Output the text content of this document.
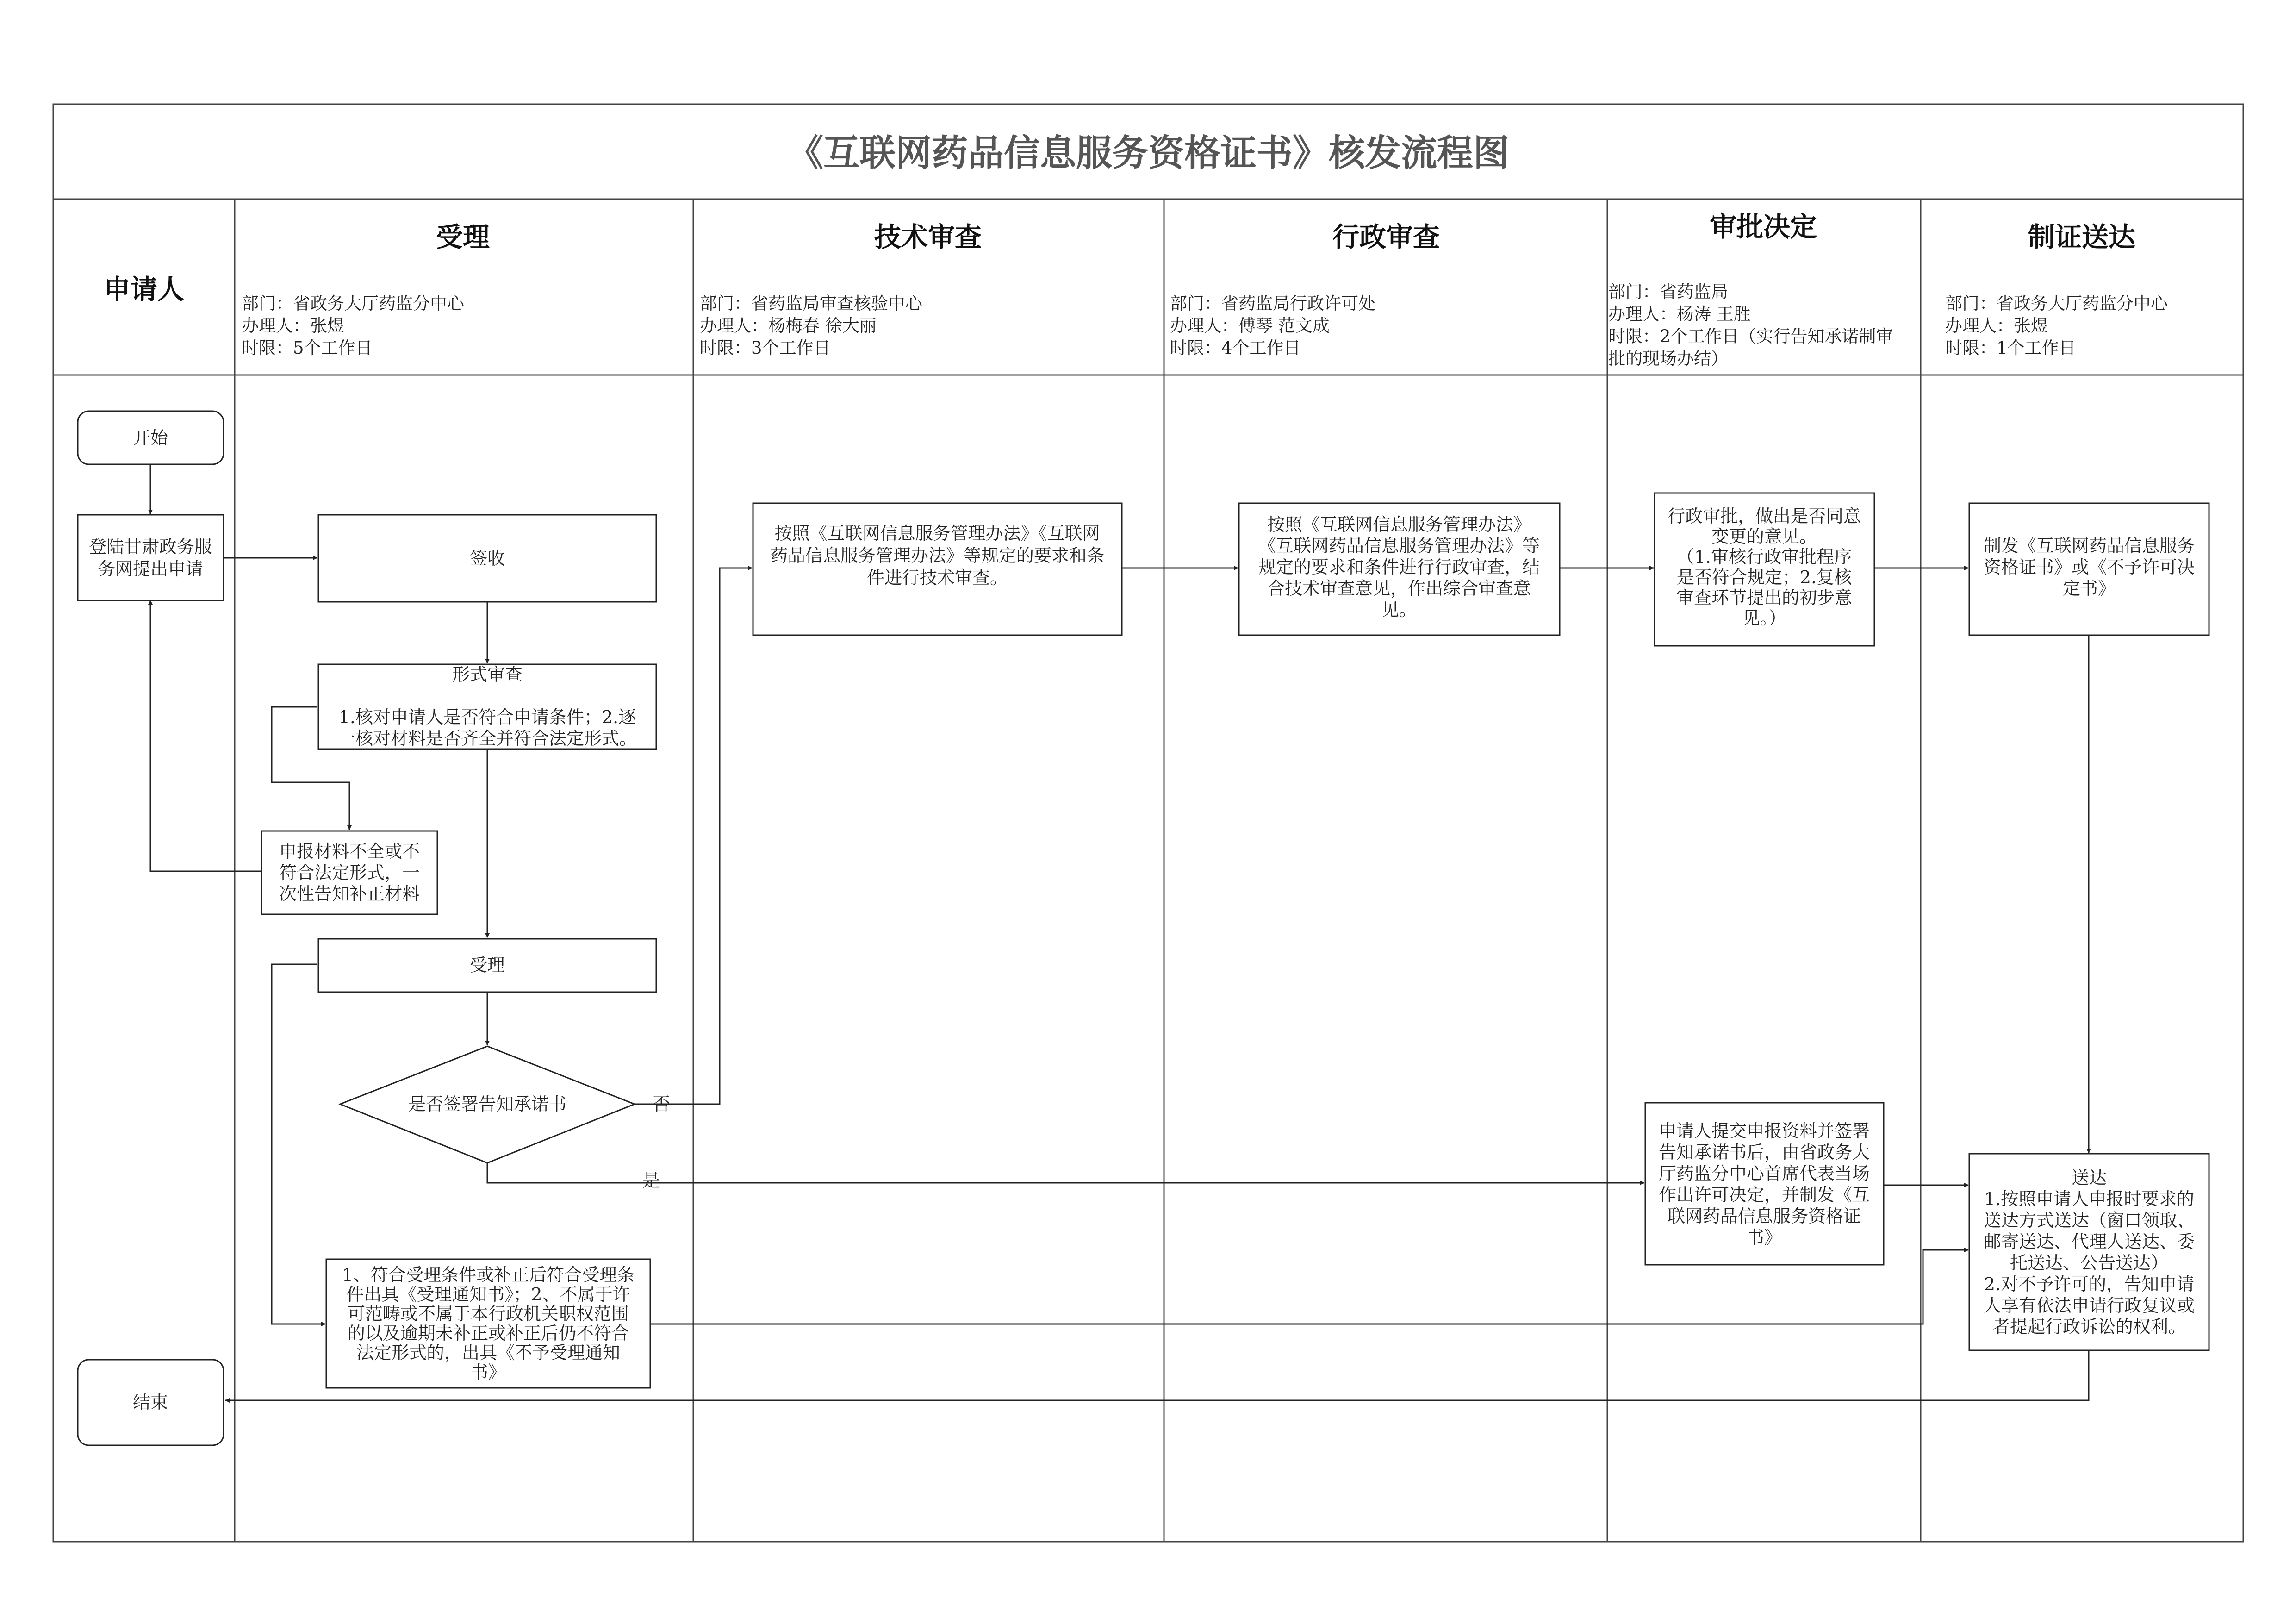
《互联网药品信息服务资格证书》核发流程图
申请人
受理
部门：省政务大厅药监分中心
办理人：张煜
时限：5个工作日
技术审查
部门：省药监局审查核验中心
办理人：杨梅春 徐大丽
时限：3个工作日
行政审查
部门：省药监局行政许可处
办理人：傅琴 范文成
时限：4个工作日
审批决定
部门：省药监局
办理人：杨涛 王胜
时限：2个工作日（实行告知承诺制审
批的现场办结）
制证送达
部门：省政务大厅药监分中心
办理人：张煜
时限：1个工作日
否
是
开始
登陆甘肃政务服
务网提出申请
签收
形式审查
1.核对申请人是否符合申请条件；2.逐
一核对材料是否齐全并符合法定形式。
申报材料不全或不
符合法定形式，一
次性告知补正材料
受理
是否签署告知承诺书
1、符合受理条件或补正后符合受理条
件出具《受理通知书》；2、不属于许
可范畴或不属于本行政机关职权范围
的以及逾期未补正或补正后仍不符合
法定形式的，出具《不予受理通知
书》
结束
按照《互联网信息服务管理办法》《互联网
药品信息服务管理办法》等规定的要求和条
件进行技术审查。
按照《互联网信息服务管理办法》
《互联网药品信息服务管理办法》等
规定的要求和条件进行行政审查，结
合技术审查意见，作出综合审查意
见。
行政审批，做出是否同意
变更的意见。
（1.审核行政审批程序
是否符合规定；2.复核
审查环节提出的初步意
见。）
申请人提交申报资料并签署
告知承诺书后，由省政务大
厅药监分中心首席代表当场
作出许可决定，并制发《互
联网药品信息服务资格证
书》
制发《互联网药品信息服务
资格证书》或《不予许可决
定书》
送达
1.按照申请人申报时要求的
送达方式送达（窗口领取、
邮寄送达、代理人送达、委
托送达、公告送达）
2.对不予许可的，告知申请
人享有依法申请行政复议或
者提起行政诉讼的权利。
